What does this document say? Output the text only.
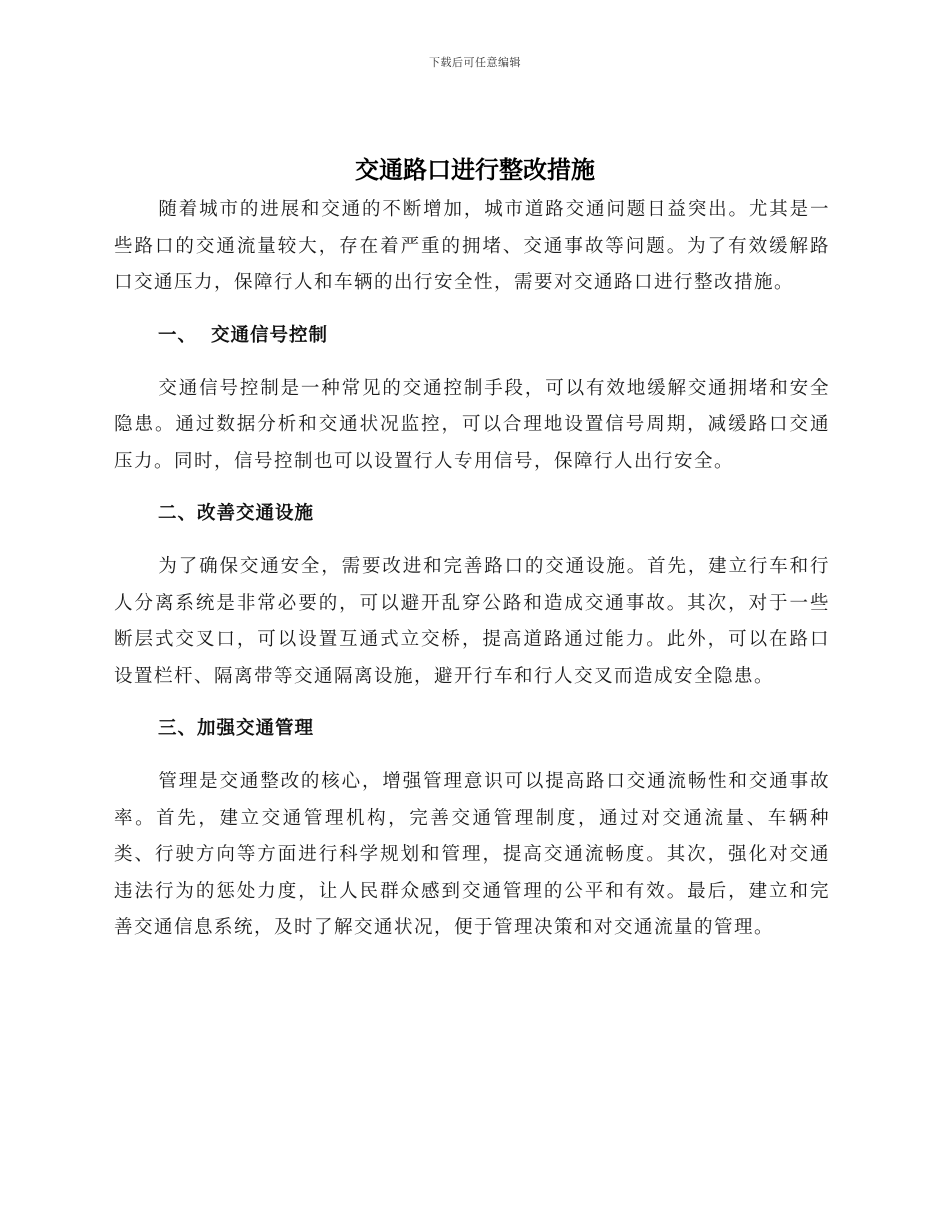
下载后可任意编辑
交通路口进行整改措施

随着城市的进展和交通的不断增加，城市道路交通问题日益突出。尤其是一些路口的交通流量较大，存在着严重的拥堵、交通事故等问题。为了有效缓解路口交通压力，保障行人和车辆的出行安全性，需要对交通路口进行整改措施。

一、 交通信号控制

交通信号控制是一种常见的交通控制手段，可以有效地缓解交通拥堵和安全隐患。通过数据分析和交通状况监控，可以合理地设置信号周期，减缓路口交通压力。同时，信号控制也可以设置行人专用信号，保障行人出行安全。

二、改善交通设施

为了确保交通安全，需要改进和完善路口的交通设施。首先，建立行车和行人分离系统是非常必要的，可以避开乱穿公路和造成交通事故。其次，对于一些断层式交叉口，可以设置互通式立交桥，提高道路通过能力。此外，可以在路口设置栏杆、隔离带等交通隔离设施，避开行车和行人交叉而造成安全隐患。

三、加强交通管理

管理是交通整改的核心，增强管理意识可以提高路口交通流畅性和交通事故率。首先，建立交通管理机构，完善交通管理制度，通过对交通流量、车辆种类、行驶方向等方面进行科学规划和管理，提高交通流畅度。其次，强化对交通违法行为的惩处力度，让人民群众感到交通管理的公平和有效。最后，建立和完善交通信息系统，及时了解交通状况，便于管理决策和对交通流量的管理。
